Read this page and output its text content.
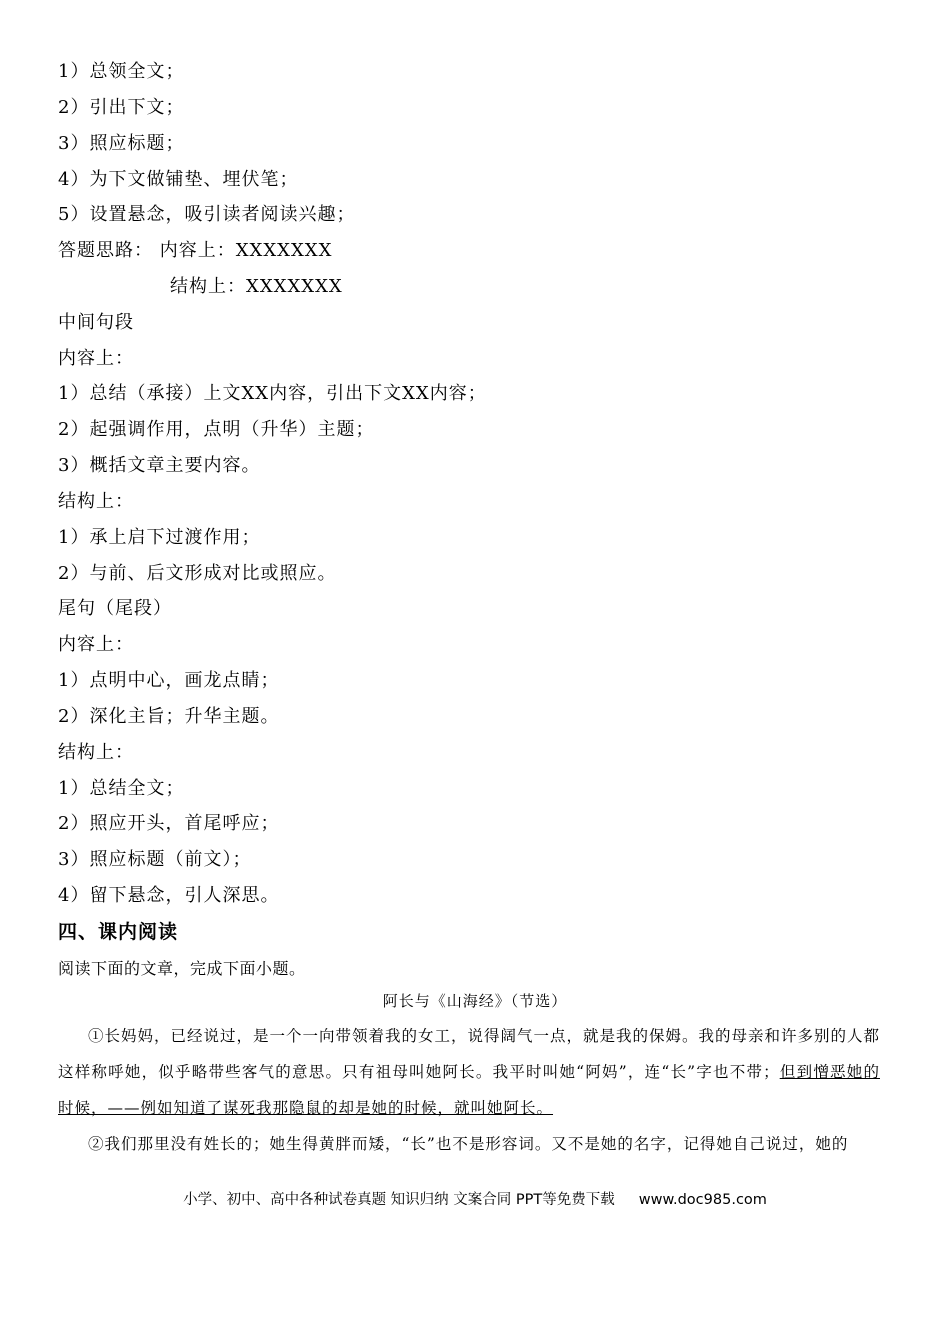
1）总领全文；
2）引出下文；
3）照应标题；
4）为下文做铺垫、埋伏笔；
5）设置悬念，吸引读者阅读兴趣；
答题思路： 内容上：XXXXXXX
结构上：XXXXXXX
中间句段
内容上：
1）总结（承接）上文XX内容，引出下文XX内容；
2）起强调作用，点明（升华）主题；
3）概括文章主要内容。
结构上：
1）承上启下过渡作用；
2）与前、后文形成对比或照应。
尾句（尾段）
内容上：
1）点明中心，画龙点睛；
2）深化主旨；升华主题。
结构上：
1）总结全文；
2）照应开头，首尾呼应；
3）照应标题（前文）；
4）留下悬念，引人深思。
四、课内阅读
阅读下面的文章，完成下面小题。
阿长与《山海经》（节选）
①长妈妈，已经说过，是一个一向带领着我的女工，说得阔气一点，就是我的保姆。我的母亲和许多别的人都这样称呼她，似乎略带些客气的意思。只有祖母叫她阿长。我平时叫她“阿妈”，连“长”字也不带；但到憎恶她的时候，——例如知道了谋死我那隐鼠的却是她的时候，就叫她阿长。
②我们那里没有姓长的；她生得黄胖而矮，“长”也不是形容词。又不是她的名字，记得她自己说过，她的
小学、初中、高中各种试卷真题 知识归纳 文案合同 PPT等免费下载 www.doc985.com
